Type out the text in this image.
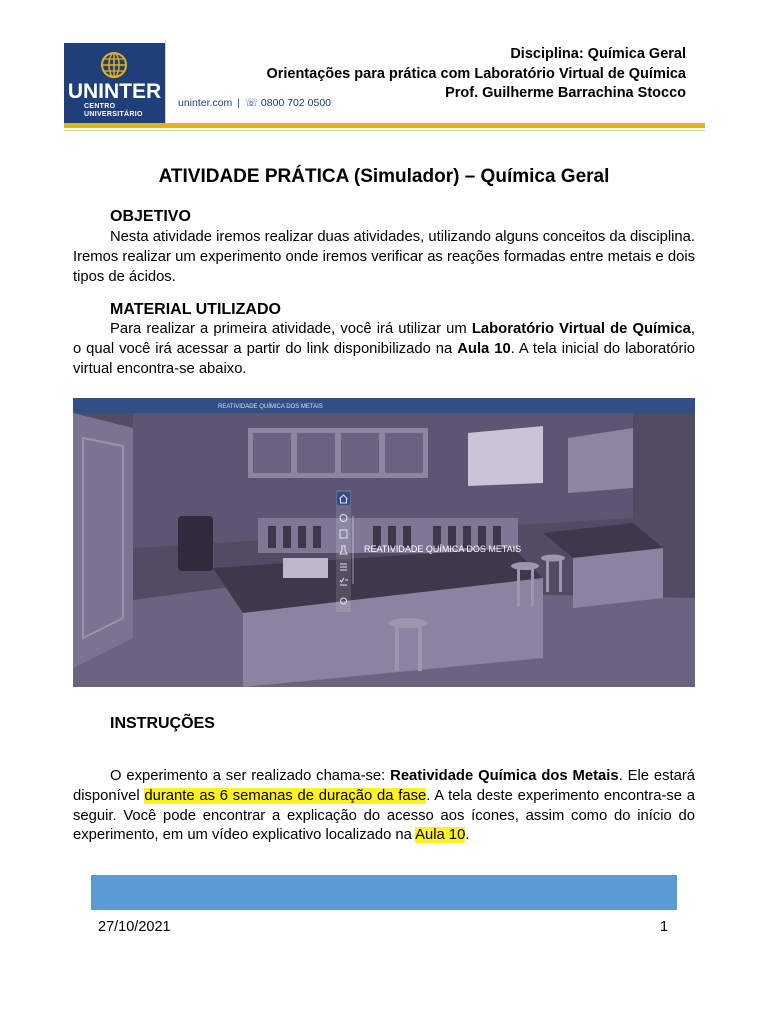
UNINTER
CENTRO
UNIVERSITÁRIO
uninter.com | ☏ 0800 702 0500
Disciplina: Química Geral
Orientações para prática com Laboratório Virtual de Química
Prof. Guilherme Barrachina Stocco
ATIVIDADE PRÁTICA (Simulador) – Química Geral
OBJETIVO
Nesta atividade iremos realizar duas atividades, utilizando alguns conceitos da disciplina. Iremos realizar um experimento onde iremos verificar as reações formadas entre metais e dois tipos de ácidos.
MATERIAL UTILIZADO
Para realizar a primeira atividade, você irá utilizar um Laboratório Virtual de Química, o qual você irá acessar a partir do link disponibilizado na Aula 10. A tela inicial do laboratório virtual encontra-se abaixo.
REATIVIDADE QUÍMICA DOS METAIS
REATIVIDADE QUÍMICA DOS METAIS
INSTRUÇÕES
O experimento a ser realizado chama-se: Reatividade Química dos Metais. Ele estará disponível durante as 6 semanas de duração da fase. A tela deste experimento encontra-se a seguir. Você pode encontrar a explicação do acesso aos ícones, assim como do início do experimento, em um vídeo explicativo localizado na Aula 10.
27/10/2021	1
